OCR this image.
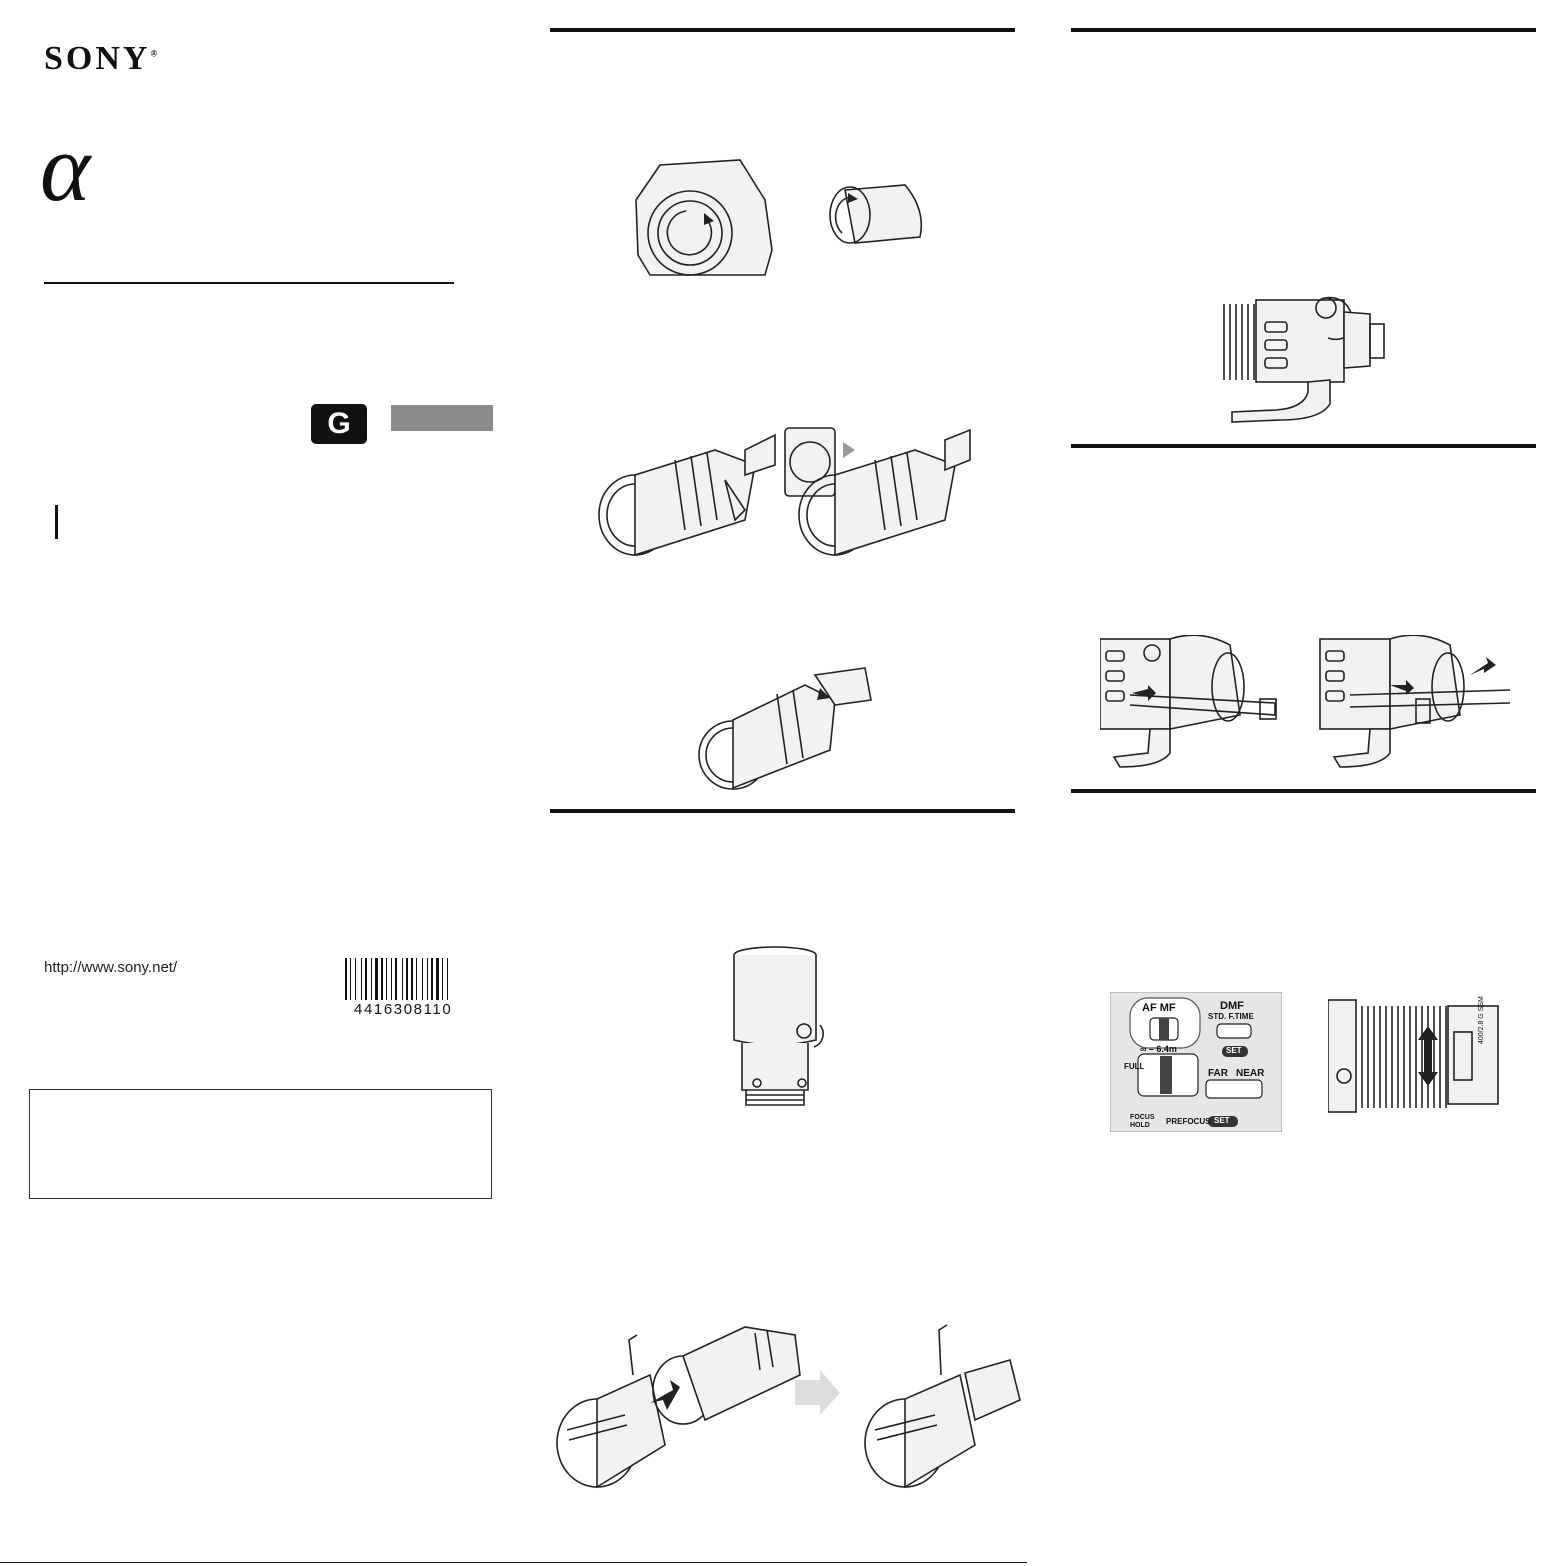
SONY®
α
G
http://www.sony.net/
4416308110	AF MF	DMF
STD. F.TIME
∞ – 6.4m	SET
FULL
FAR NEAR
FOCUS HOLD	PREFOCUS SET
400/2.8 G SSM
